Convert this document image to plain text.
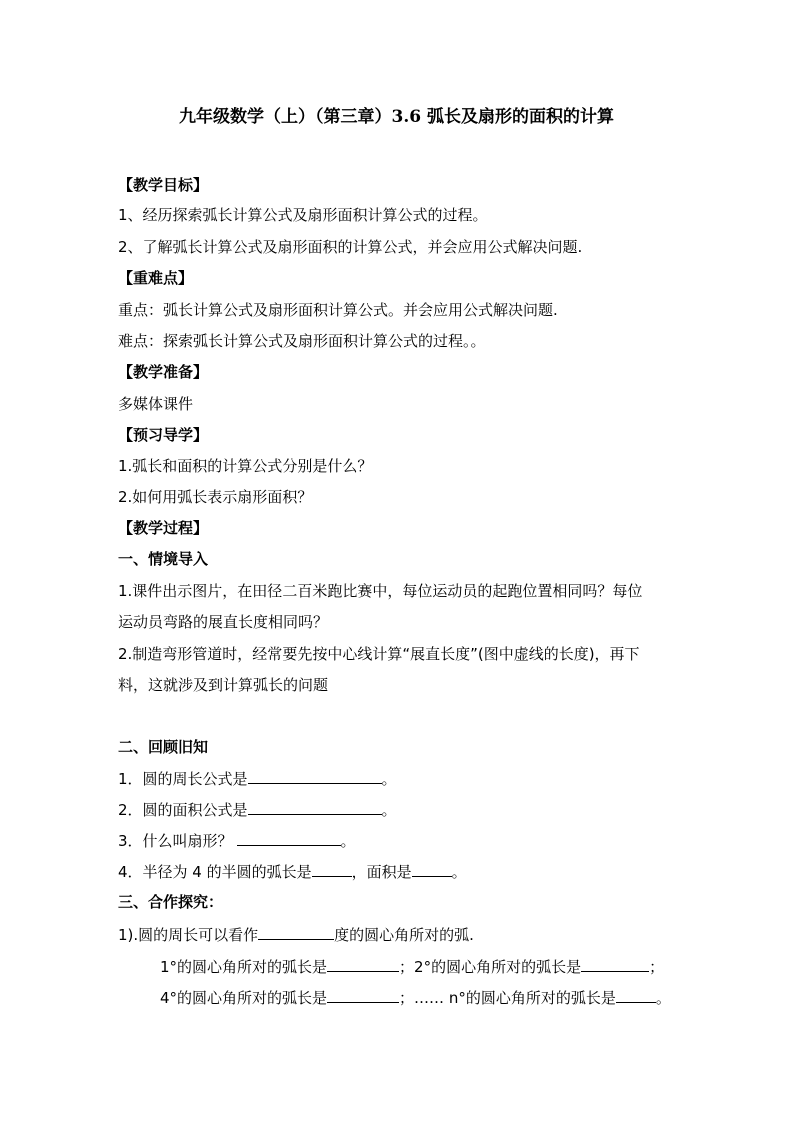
九年级数学（上）（第三章）3.6 弧长及扇形的面积的计算
【教学目标】
1、经历探索弧长计算公式及扇形面积计算公式的过程。
2、了解弧长计算公式及扇形面积的计算公式，并会应用公式解决问题.
【重难点】
重点：弧长计算公式及扇形面积计算公式。并会应用公式解决问题.
难点：探索弧长计算公式及扇形面积计算公式的过程。。
【教学准备】
多媒体课件
【预习导学】
1.弧长和面积的计算公式分别是什么？
2.如何用弧长表示扇形面积？
【教学过程】
一、情境导入
1.课件出示图片，在田径二百米跑比赛中，每位运动员的起跑位置相同吗？每位
运动员弯路的展直长度相同吗？
2.制造弯形管道时，经常要先按中心线计算“展直长度”(图中虚线的长度)，再下
料，这就涉及到计算弧长的问题
二、回顾旧知
1．圆的周长公式是	。
2．圆的面积公式是	。
3．什么叫扇形？	。
4．半径为 4 的半圆的弧长是	，面积是	。
三、合作探究：
1).圆的周长可以看作	度的圆心角所对的弧.
1°的圆心角所对的弧长是	；2°的圆心角所对的弧长是	；
4°的圆心角所对的弧长是	；…… n°的圆心角所对的弧长是	。
